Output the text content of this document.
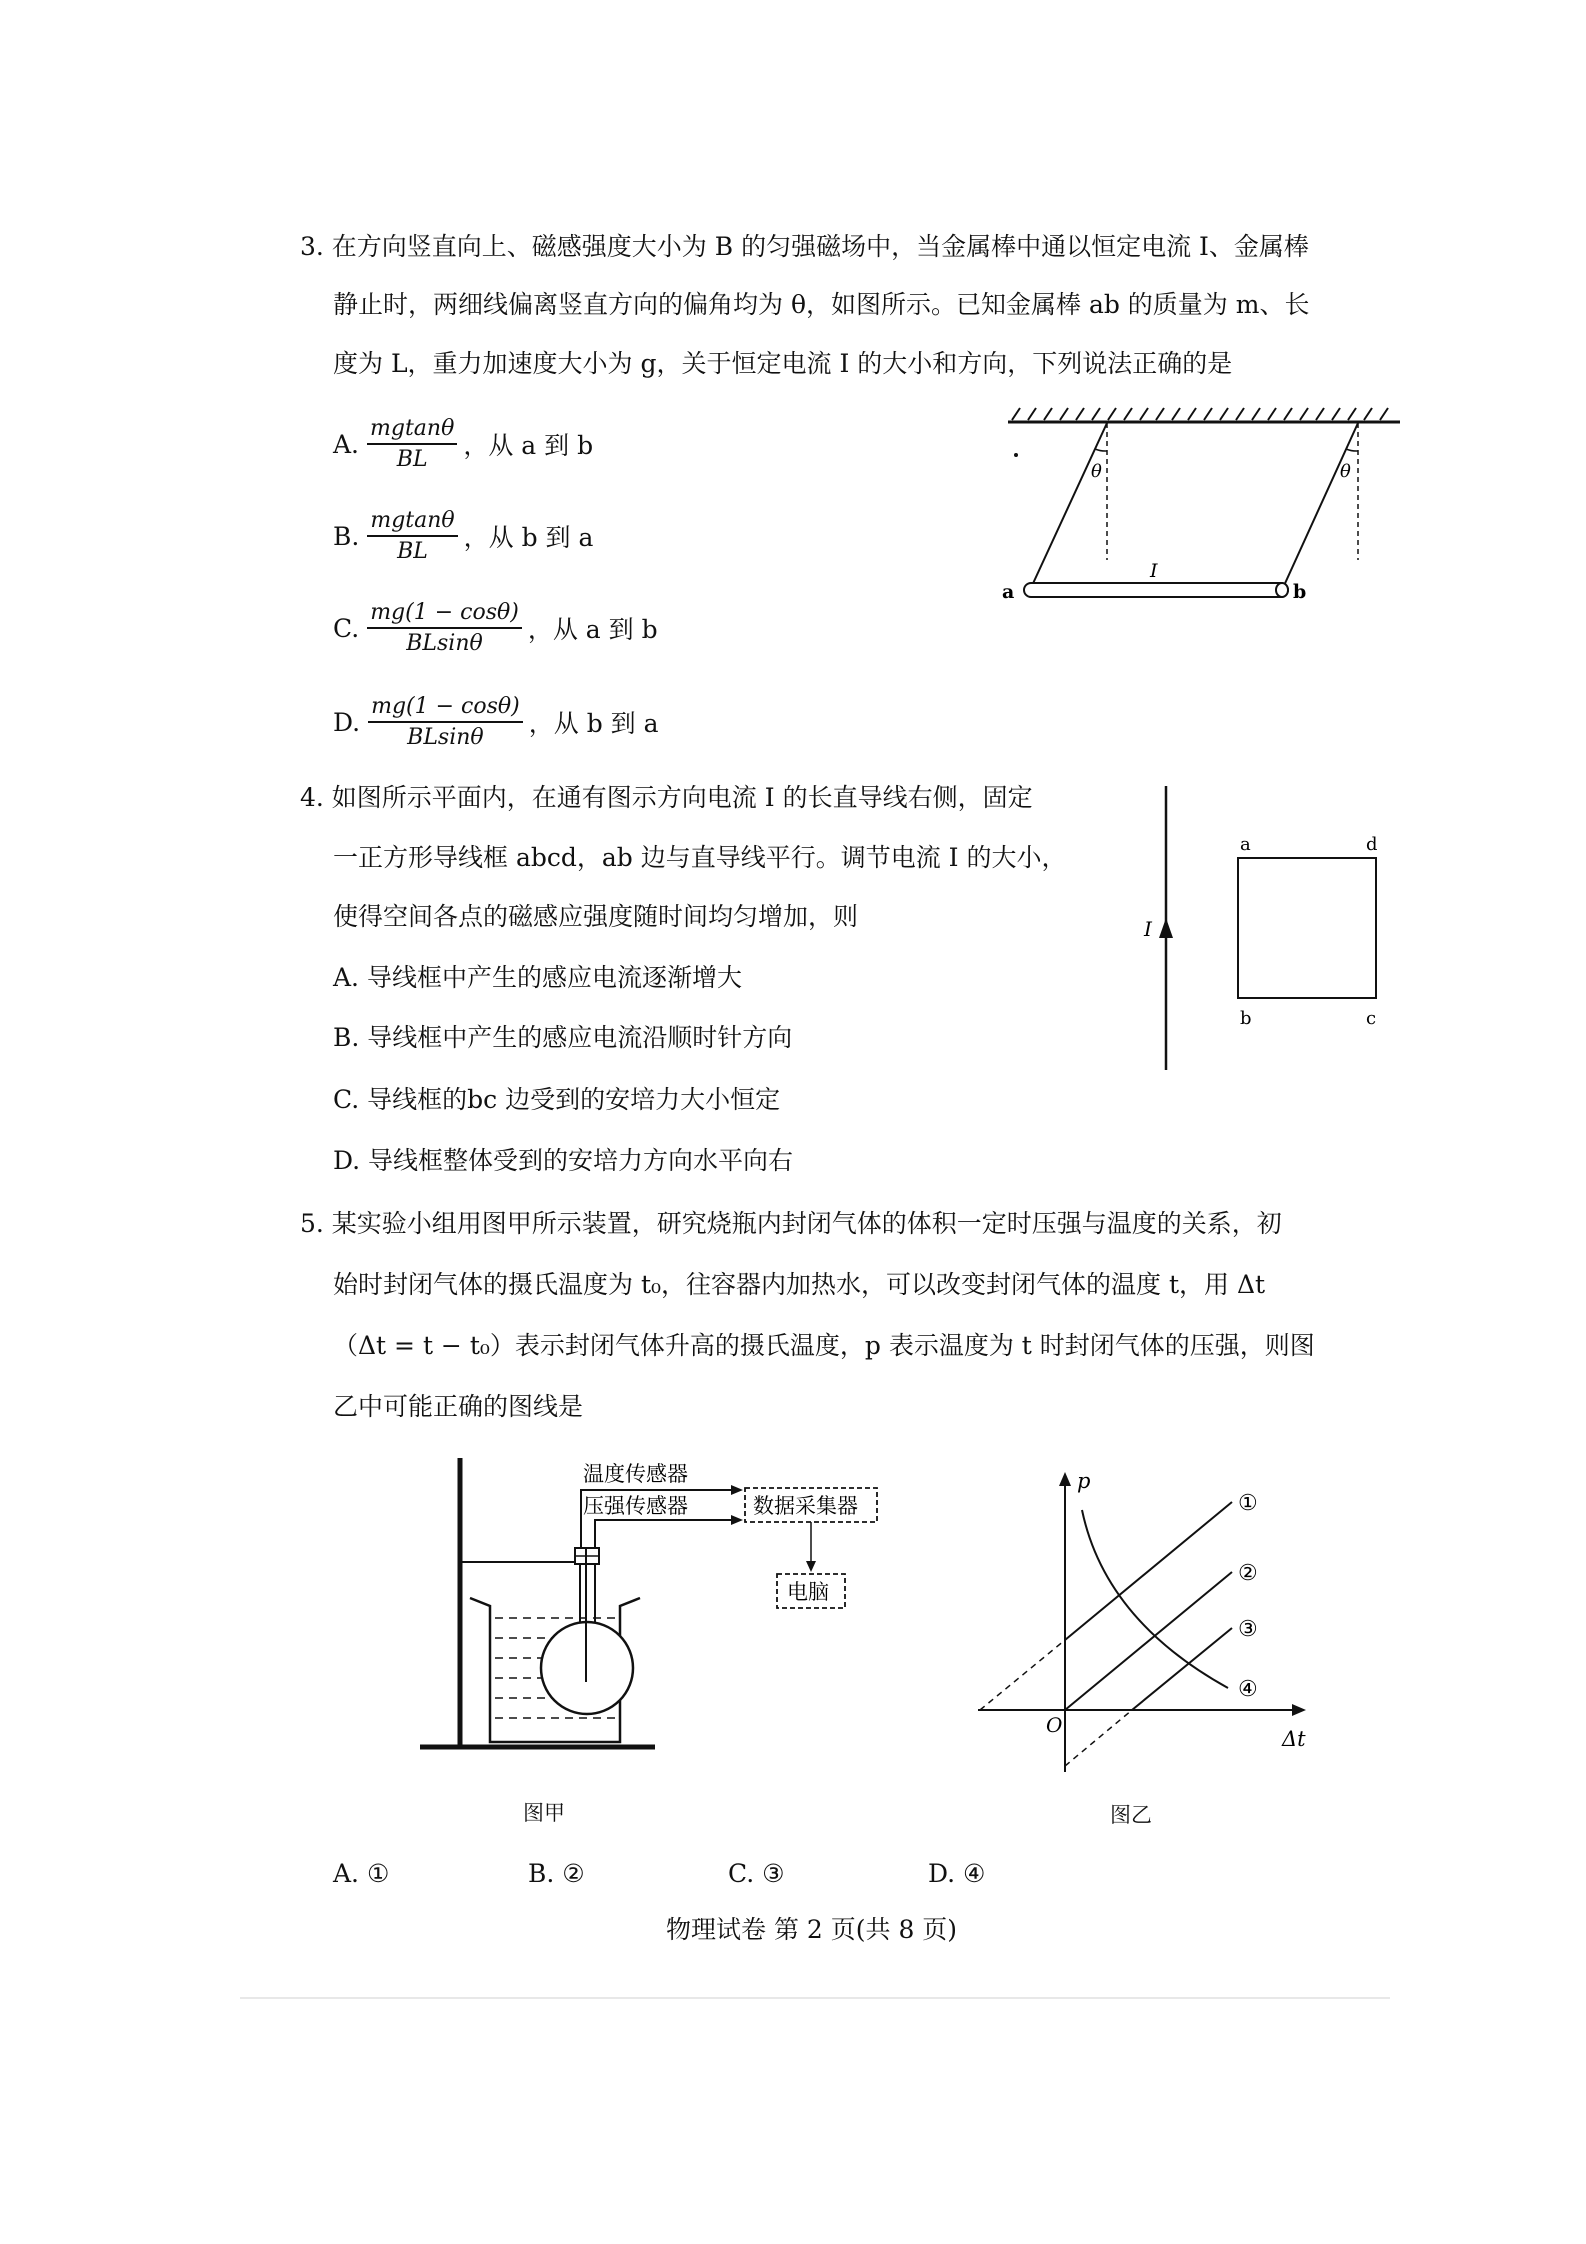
3. 在方向竖直向上、磁感强度大小为 B 的匀强磁场中，当金属棒中通以恒定电流 I、金属棒
静止时，两细线偏离竖直方向的偏角均为 θ，如图所示。已知金属棒 ab 的质量为 m、长
度为 L，重力加速度大小为 g，关于恒定电流 I 的大小和方向，下列说法正确的是
A. $\frac{mgtan\theta}{BL}$ ，从 a 到 b
B. $\frac{mgtan\theta}{BL}$ ，从 b 到 a
C. $\frac{mg(1 - \cos\theta)}{BLsin\theta}$ ，从 a 到 b
D. $\frac{mg(1 - \cos\theta)}{BLsin\theta}$ ，从 b 到 a
θ	θ
I
a	b
4. 如图所示平面内，在通有图示方向电流 I 的长直导线右侧，固定
一正方形导线框 abcd，ab 边与直导线平行。调节电流 I 的大小，
使得空间各点的磁感应强度随时间均匀增加，则
A. 导线框中产生的感应电流逐渐增大
B. 导线框中产生的感应电流沿顺时针方向
C. 导线框的bc 边受到的安培力大小恒定
D. 导线框整体受到的安培力方向水平向右
I
a	d
b	c
5. 某实验小组用图甲所示装置，研究烧瓶内封闭气体的体积一定时压强与温度的关系，初
始时封闭气体的摄氏温度为 t₀，往容器内加热水，可以改变封闭气体的温度 t，用 Δt
（Δt = t − t₀）表示封闭气体升高的摄氏温度，p 表示温度为 t 时封闭气体的压强，则图
乙中可能正确的图线是
温度传感器
压强传感器	数据采集器
电脑
图甲
p
Δt
O
①
②
③
④
图乙
A. ①	B. ②	C. ③	D. ④
物理试卷 第 2 页(共 8 页)
